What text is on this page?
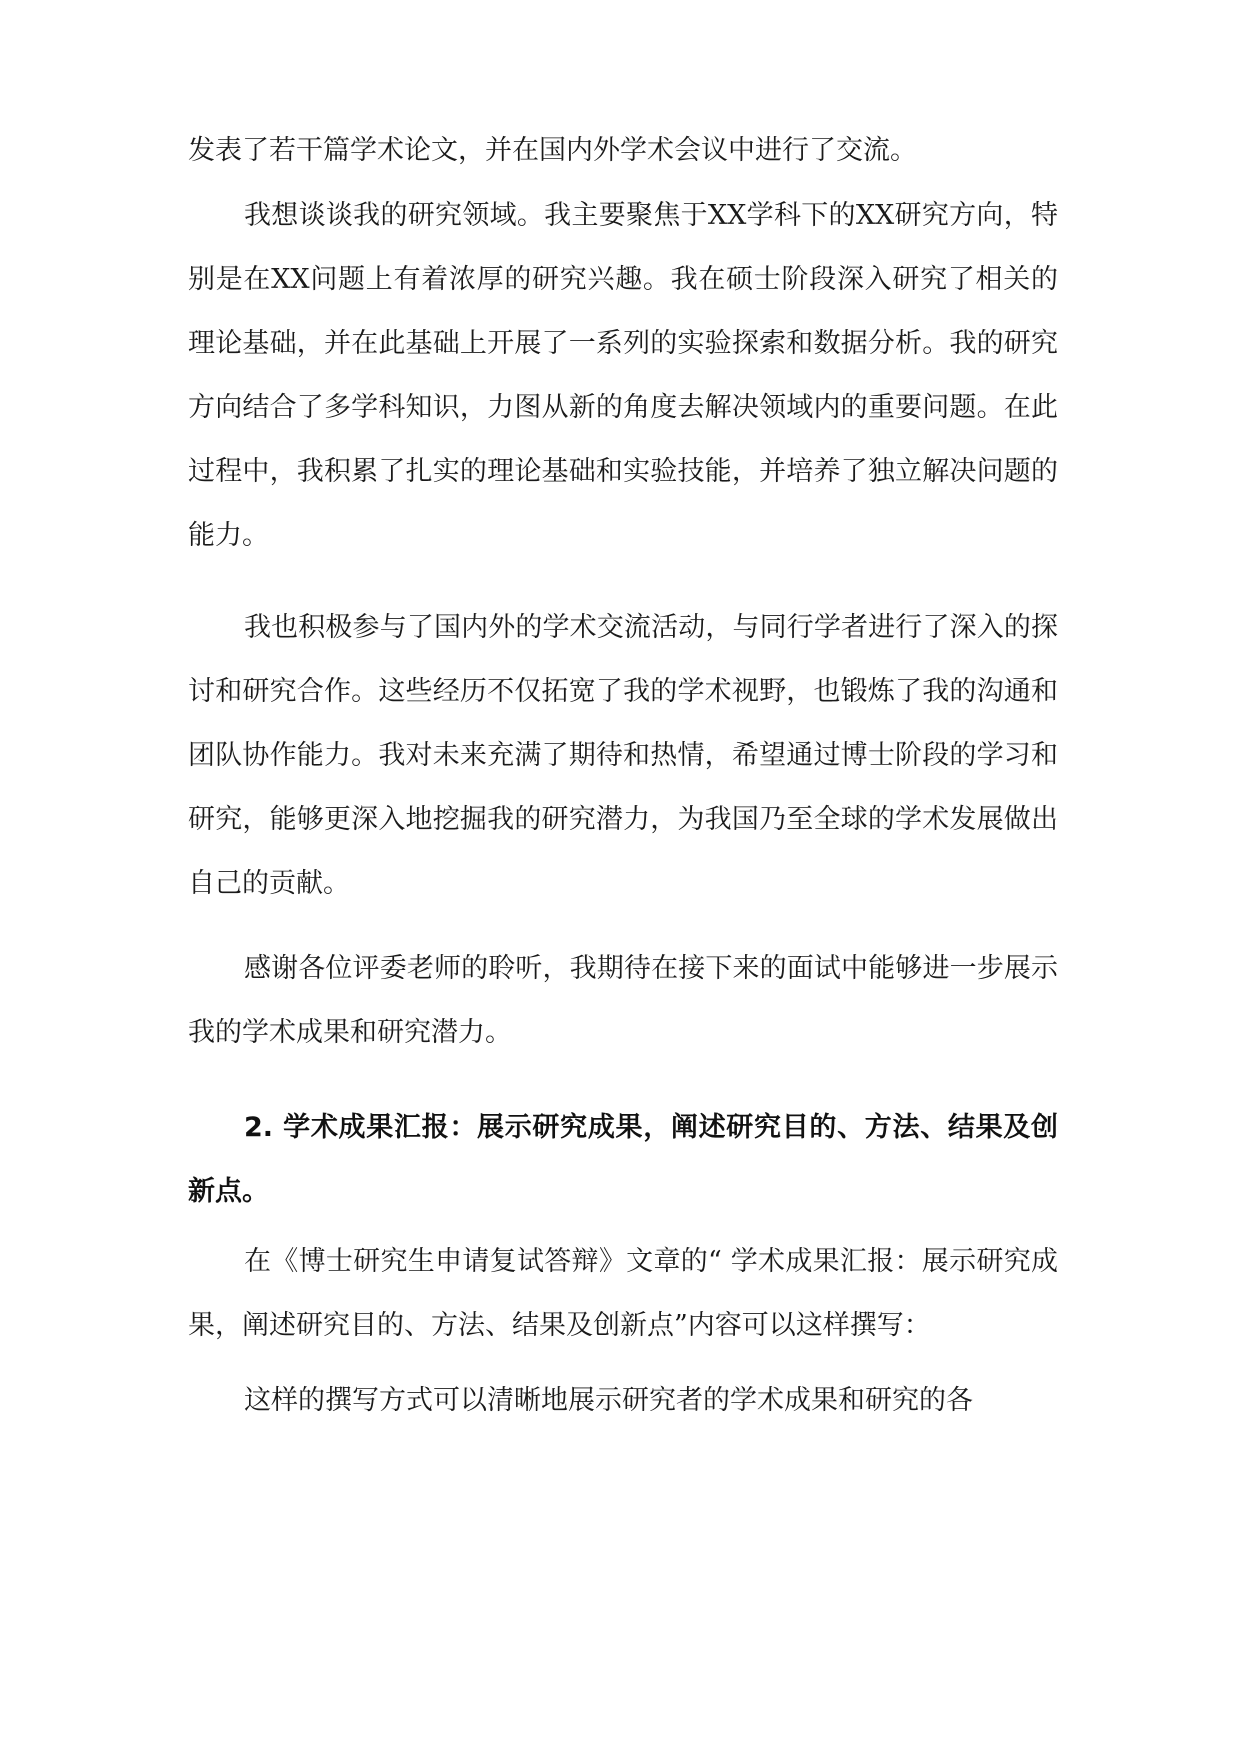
发表了若干篇学术论文，并在国内外学术会议中进行了交流。

我想谈谈我的研究领域。我主要聚焦于XX学科下的XX研究方向，特别是在XX问题上有着浓厚的研究兴趣。我在硕士阶段深入研究了相关的理论基础，并在此基础上开展了一系列的实验探索和数据分析。我的研究方向结合了多学科知识，力图从新的角度去解决领域内的重要问题。在此过程中，我积累了扎实的理论基础和实验技能，并培养了独立解决问题的能力。

我也积极参与了国内外的学术交流活动，与同行学者进行了深入的探讨和研究合作。这些经历不仅拓宽了我的学术视野，也锻炼了我的沟通和团队协作能力。我对未来充满了期待和热情，希望通过博士阶段的学习和研究，能够更深入地挖掘我的研究潜力，为我国乃至全球的学术发展做出自己的贡献。

感谢各位评委老师的聆听，我期待在接下来的面试中能够进一步展示我的学术成果和研究潜力。

2. 学术成果汇报：展示研究成果，阐述研究目的、方法、结果及创新点。

在《博士研究生申请复试答辩》文章的“ 学术成果汇报：展示研究成果，阐述研究目的、方法、结果及创新点”内容可以这样撰写：

这样的撰写方式可以清晰地展示研究者的学术成果和研究的各
